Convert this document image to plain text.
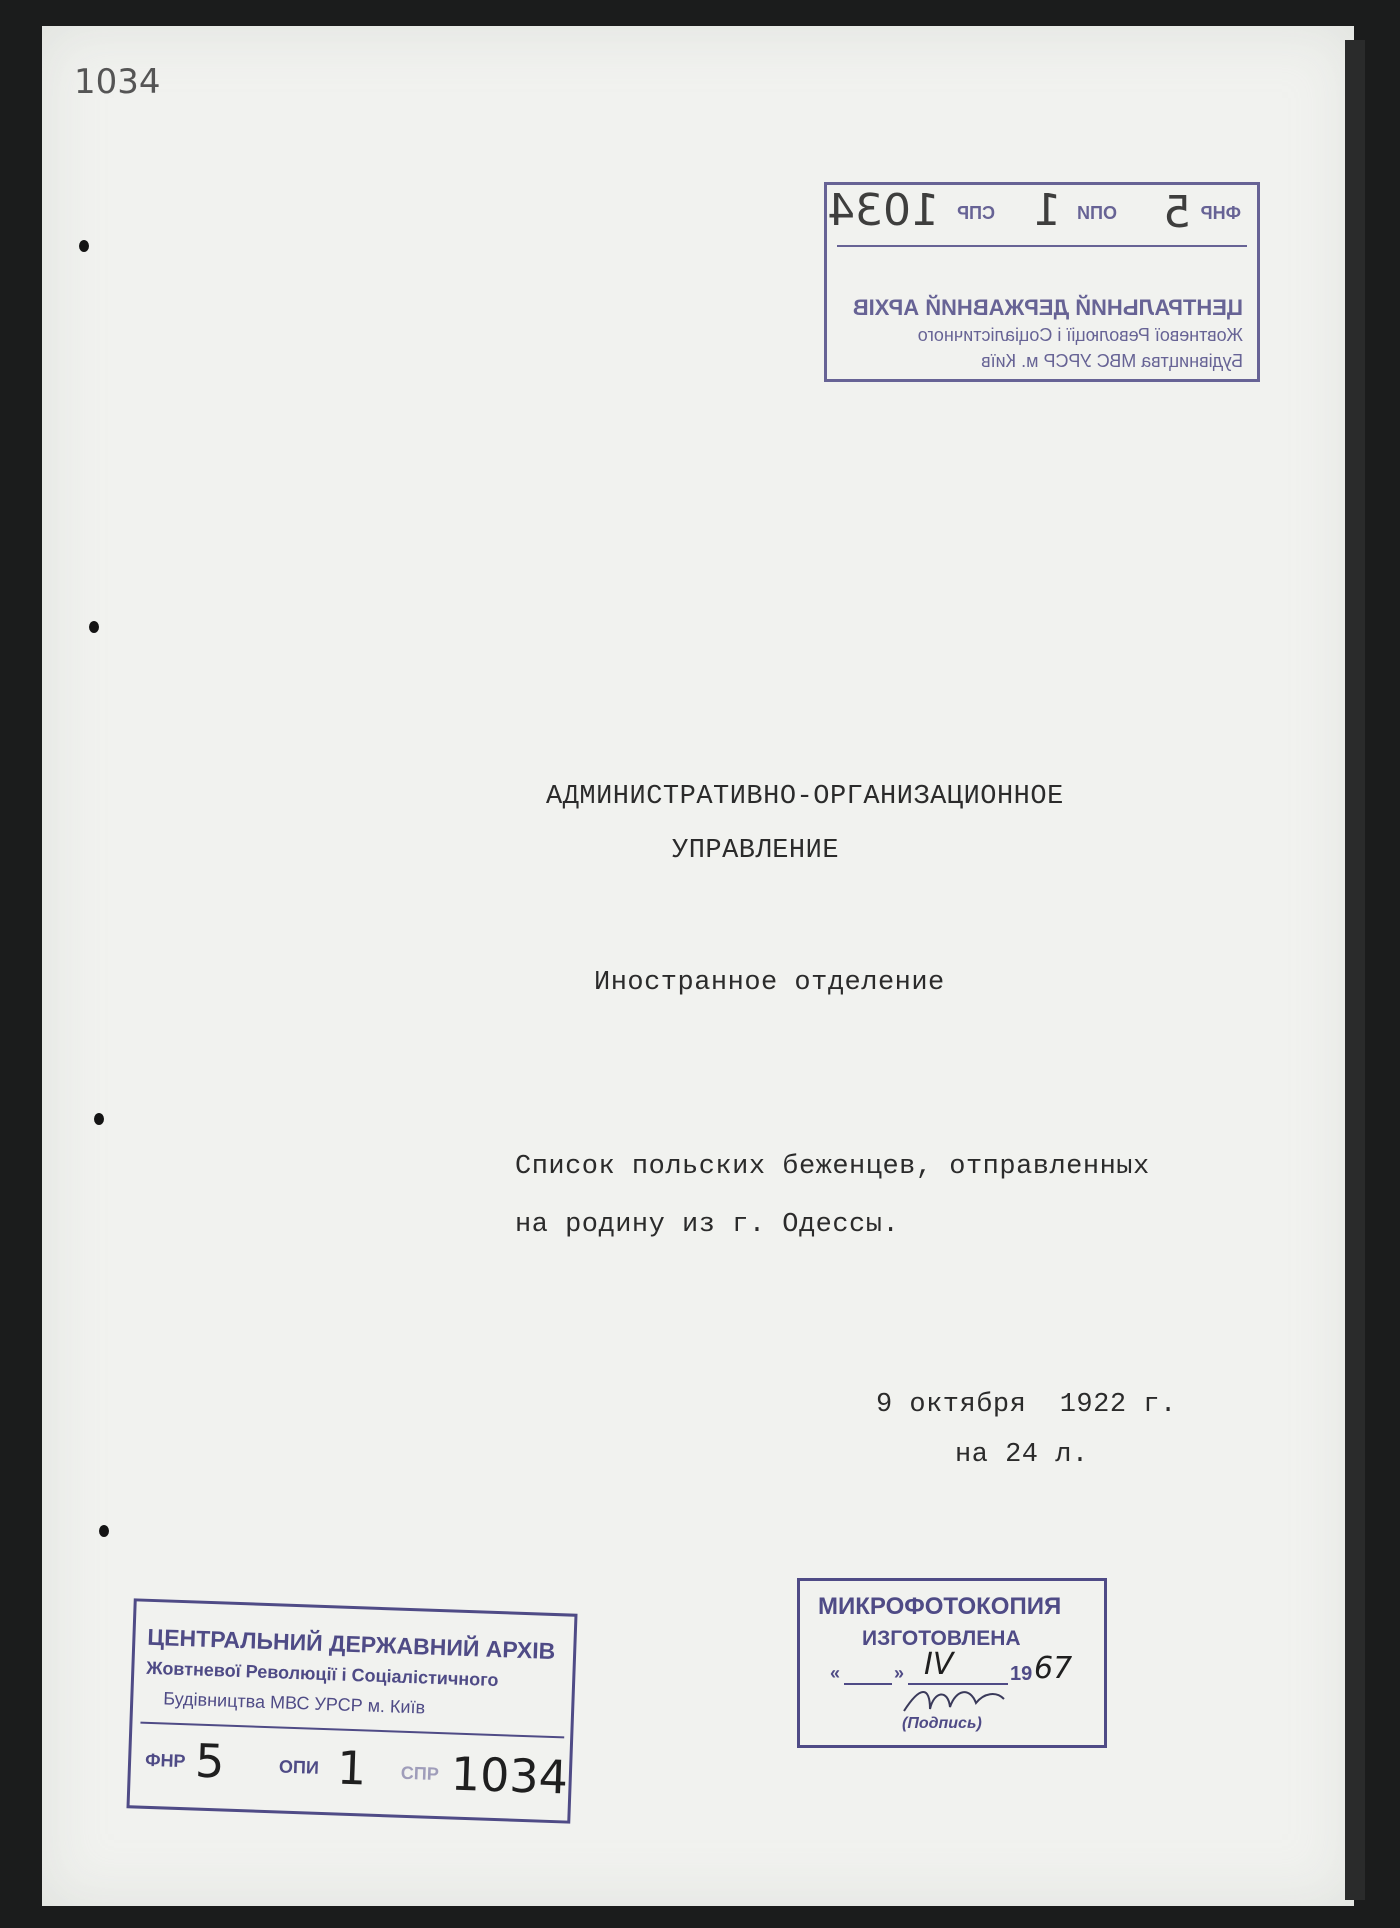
1034
ЦЕНТРАЛЬНИЙ ДЕРЖАВНИЙ АРХІВ
Жовтневої Революції і Соціалістичного
Будівництва МВС УРСР м. Київ
ФНР
5
ОПИ
1
СПР
1034
АДМИНИСТРАТИВНО-ОРГАНИЗАЦИОННОЕ
УПРАВЛЕНИЕ
Иностранное отделение
Список польских беженцев, отправленных
на родину из г. Одессы.
9 октября  1922 г.
на 24 л.
ЦЕНТРАЛЬНИЙ ДЕРЖАВНИЙ АРХІВ
Жовтневої Революції і Соціалістичного
Будівництва МВС УРСР м. Київ
ФНР 5	ОПИ 1 СПР 1034
МИКРОФОТОКОПИЯ
ИЗГОТОВЛЕНА
«	» IV	19 67
(Подпись)
